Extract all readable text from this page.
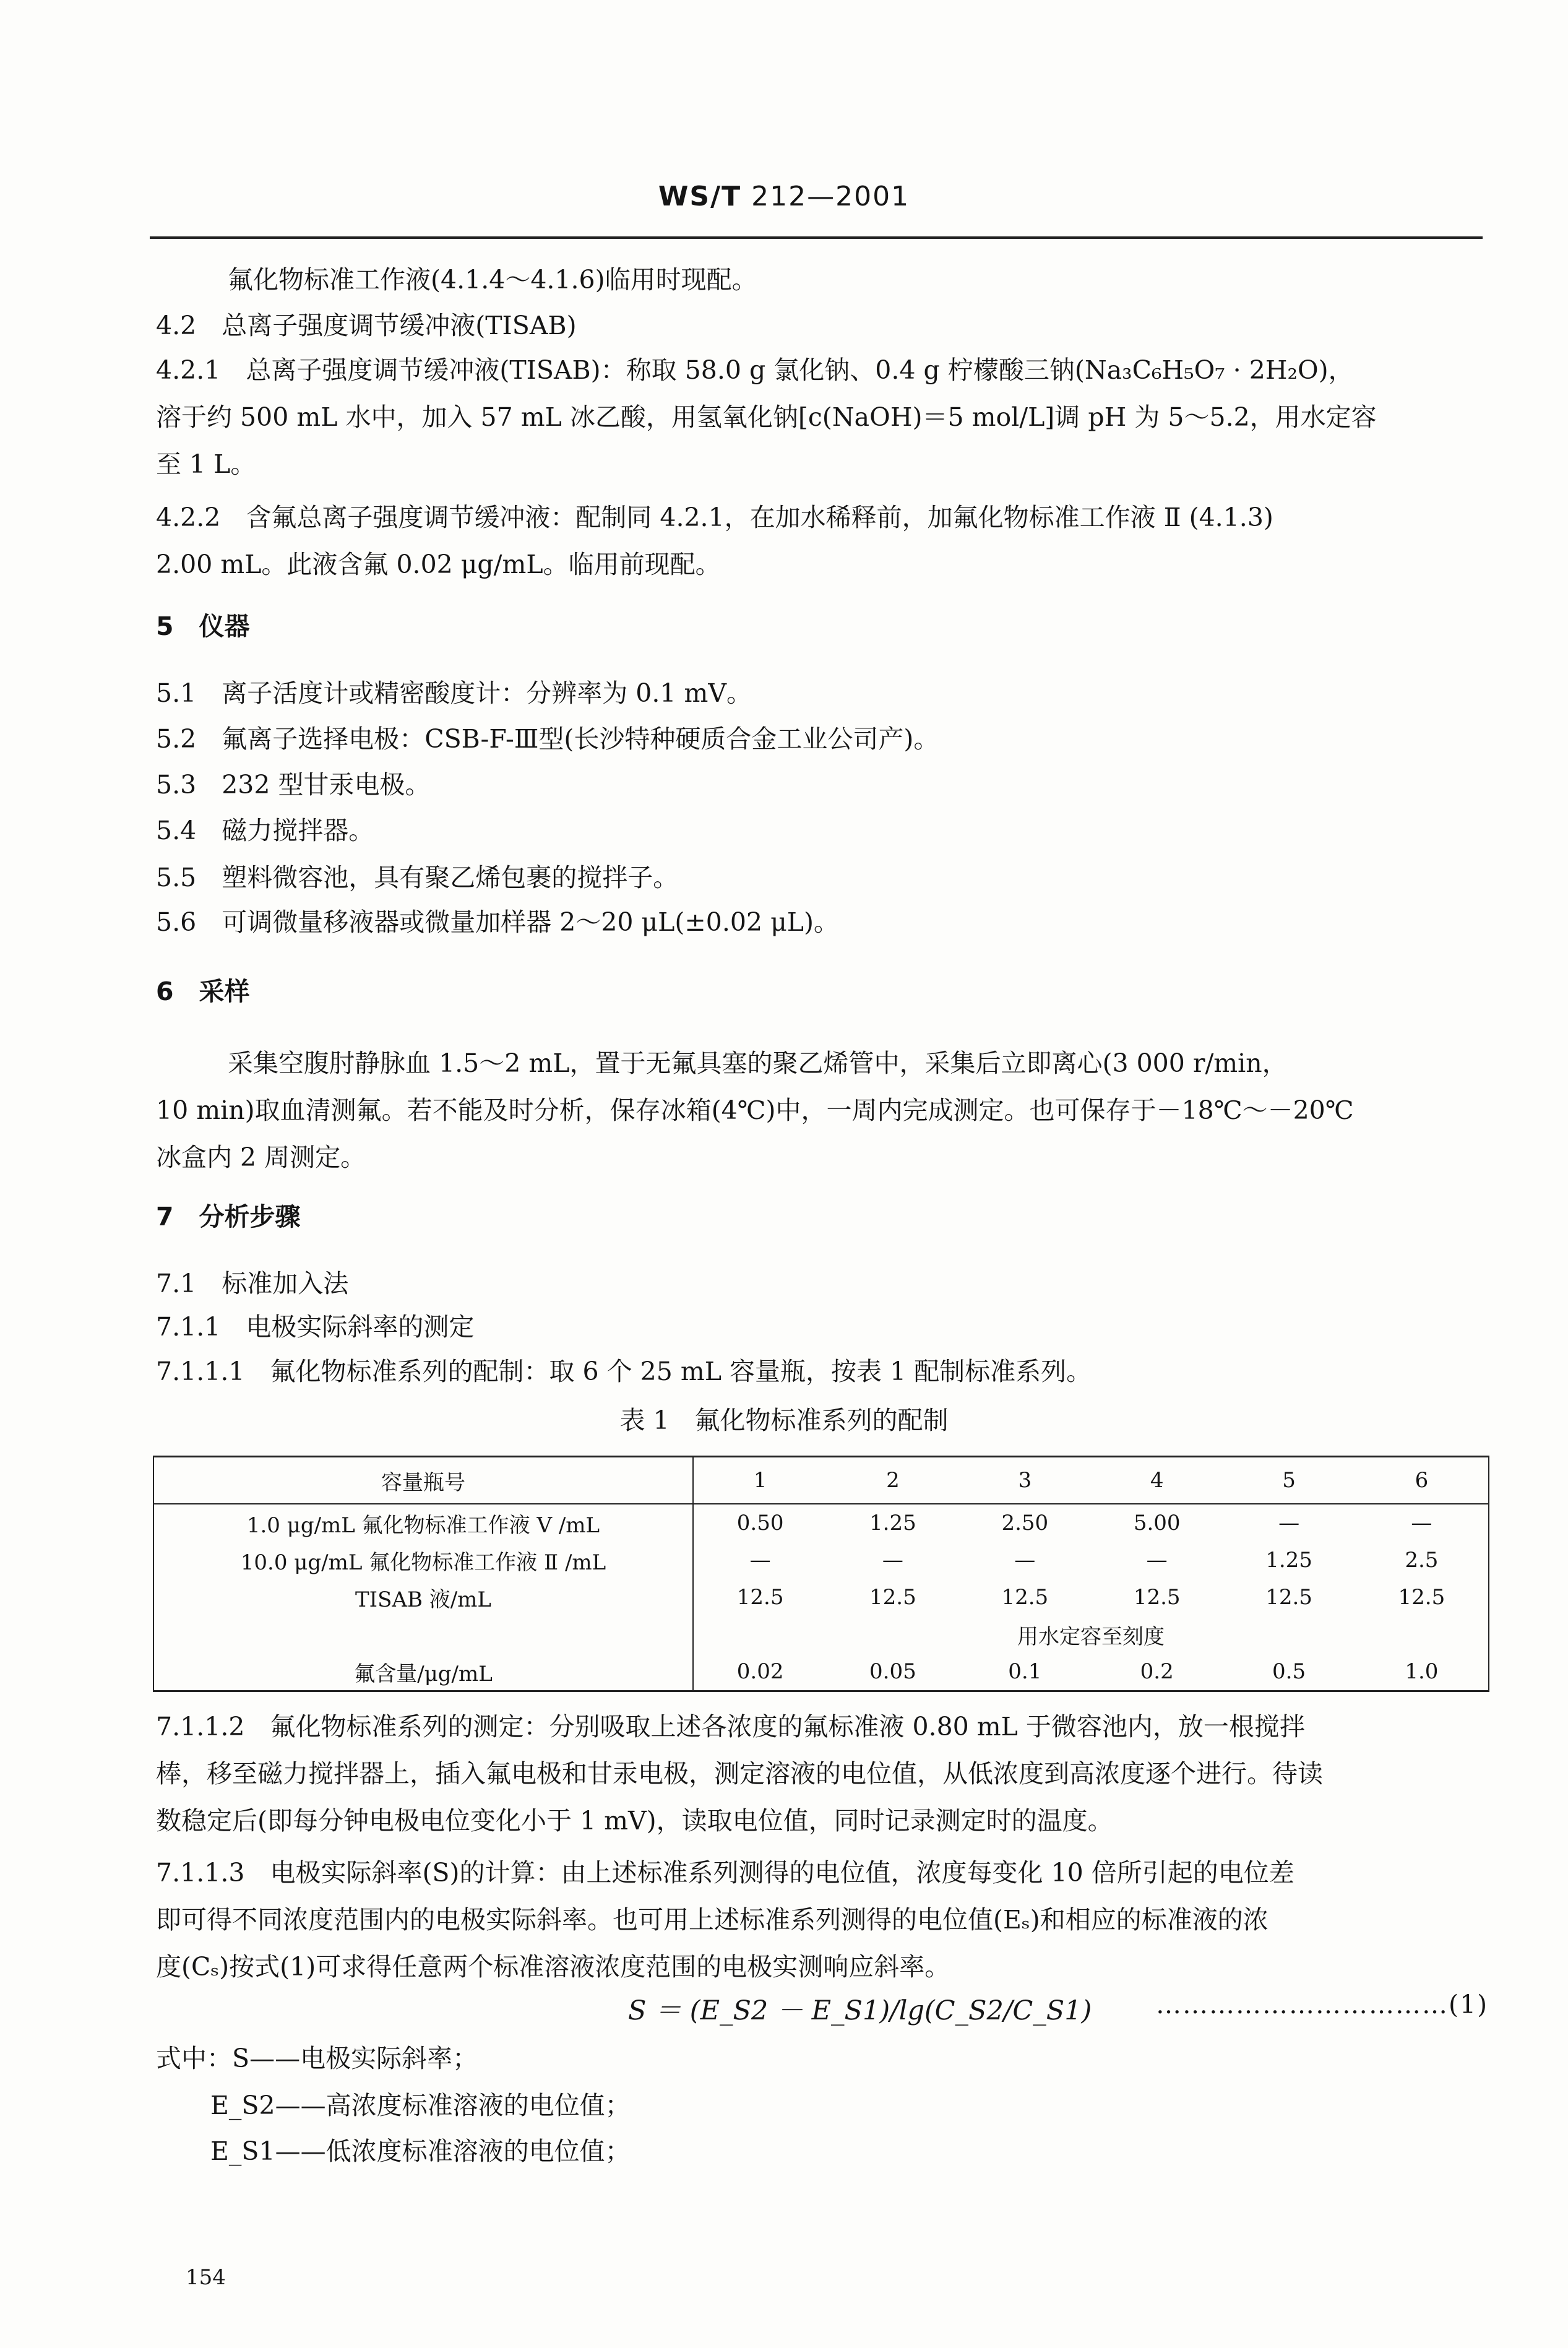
WS/T 212—2001
氟化物标准工作液(4.1.4～4.1.6)临用时现配。
4.2　总离子强度调节缓冲液(TISAB)
4.2.1　总离子强度调节缓冲液(TISAB)：称取 58.0 g 氯化钠、0.4 g 柠檬酸三钠(Na₃C₆H₅O₇ · 2H₂O)，
溶于约 500 mL 水中，加入 57 mL 冰乙酸，用氢氧化钠[c(NaOH)＝5 mol/L]调 pH 为 5～5.2，用水定容
至 1 L。
4.2.2　含氟总离子强度调节缓冲液：配制同 4.2.1，在加水稀释前，加氟化物标准工作液 Ⅱ (4.1.3)
2.00 mL。此液含氟 0.02 μg/mL。临用前现配。
5　仪器
5.1　离子活度计或精密酸度计：分辨率为 0.1 mV。
5.2　氟离子选择电极：CSB-F-Ⅲ型(长沙特种硬质合金工业公司产)。
5.3　232 型甘汞电极。
5.4　磁力搅拌器。
5.5　塑料微容池，具有聚乙烯包裹的搅拌子。
5.6　可调微量移液器或微量加样器 2～20 μL(±0.02 μL)。
6　采样
采集空腹肘静脉血 1.5～2 mL，置于无氟具塞的聚乙烯管中，采集后立即离心(3 000 r/min，
10 min)取血清测氟。若不能及时分析，保存冰箱(4℃)中，一周内完成测定。也可保存于－18℃～－20℃
冰盒内 2 周测定。
7　分析步骤
7.1　标准加入法
7.1.1　电极实际斜率的测定
7.1.1.1　氟化物标准系列的配制：取 6 个 25 mL 容量瓶，按表 1 配制标准系列。
表 1　氟化物标准系列的配制
容量瓶号	1	2	3	4	5	6
1.0 μg/mL 氟化物标准工作液 Ⅴ /mL	0.50	1.25	2.50	5.00	—	—
10.0 μg/mL 氟化物标准工作液 Ⅱ /mL	—	—	—	—	1.25	2.5
TISAB 液/mL	12.5	12.5	12.5	12.5	12.5	12.5
	用水定容至刻度					
氟含量/μg/mL	0.02	0.05	0.1	0.2	0.5	1.0
7.1.1.2　氟化物标准系列的测定：分别吸取上述各浓度的氟标准液 0.80 mL 于微容池内，放一根搅拌
棒，移至磁力搅拌器上，插入氟电极和甘汞电极，测定溶液的电位值，从低浓度到高浓度逐个进行。待读
数稳定后(即每分钟电极电位变化小于 1 mV)，读取电位值，同时记录测定时的温度。
7.1.1.3　电极实际斜率(S)的计算：由上述标准系列测得的电位值，浓度每变化 10 倍所引起的电位差
即可得不同浓度范围内的电极实际斜率。也可用上述标准系列测得的电位值(Eₛ)和相应的标准液的浓
度(Cₛ)按式(1)可求得任意两个标准溶液浓度范围的电极实测响应斜率。
S ＝ (E_S2 － E_S1)/lg(C_S2/C_S1)	……………………………(1)
式中：S——电极实际斜率；
E_S2——高浓度标准溶液的电位值；
E_S1——低浓度标准溶液的电位值；
154
